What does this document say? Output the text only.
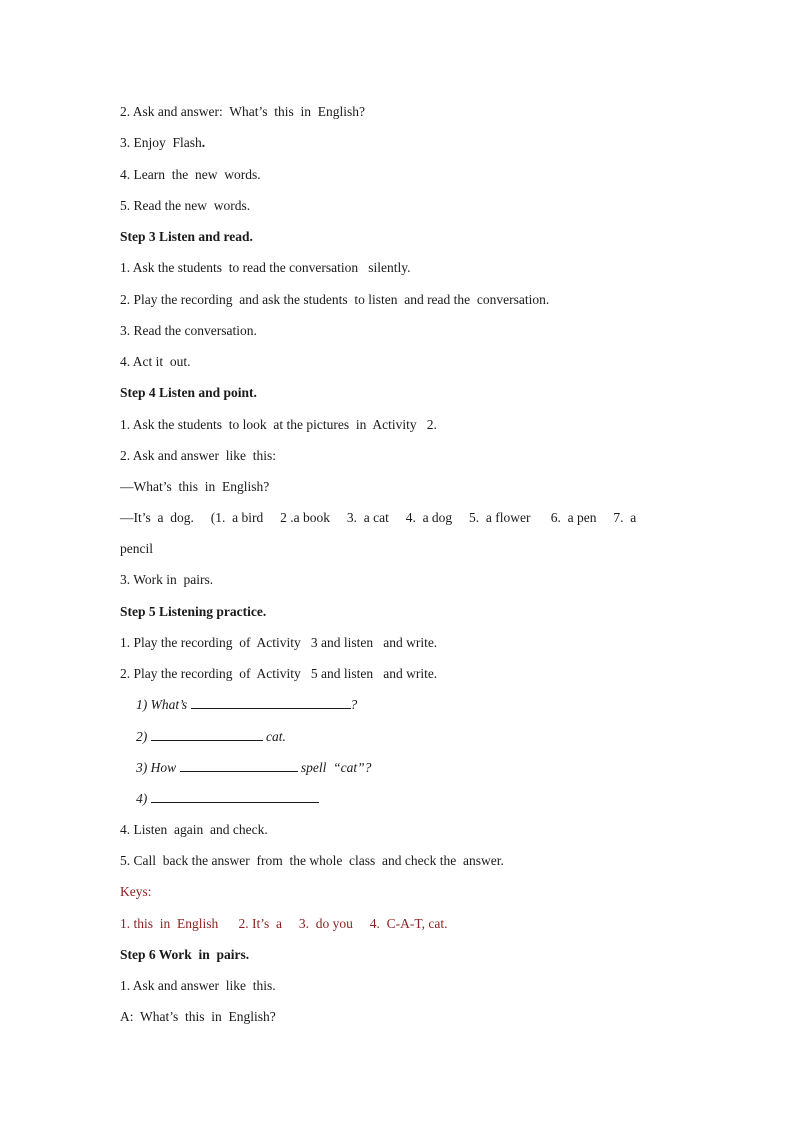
2. Ask and answer:  What’s  this  in  English?
3. Enjoy  Flash.
4. Learn  the  new  words.
5. Read the new  words.
Step 3 Listen and read.
1. Ask the students  to read the conversation   silently.
2. Play the recording  and ask the students  to listen  and read the  conversation.
3. Read the conversation.
4. Act it  out.
Step 4 Listen and point.
1. Ask the students  to look  at the pictures  in  Activity   2.
2. Ask and answer  like  this:
—What’s  this  in  English?
—It’s  a  dog.     (1.  a bird     2 .a book     3.  a cat     4.  a dog     5.  a flower      6.  a pen     7.  a
pencil
3. Work in  pairs.
Step 5 Listening practice.
1. Play the recording  of  Activity   3 and listen   and write.
2. Play the recording  of  Activity   5 and listen   and write.
1) What’s	?
2)	cat.
3) How	spell  “cat”?
4)
4. Listen  again  and check.
5. Call  back the answer  from  the whole  class  and check the  answer.
Keys:
1. this  in  English      2. It’s  a     3.  do you     4.  C-A-T, cat.
Step 6 Work  in  pairs.
1. Ask and answer  like  this.
A:  What’s  this  in  English?
